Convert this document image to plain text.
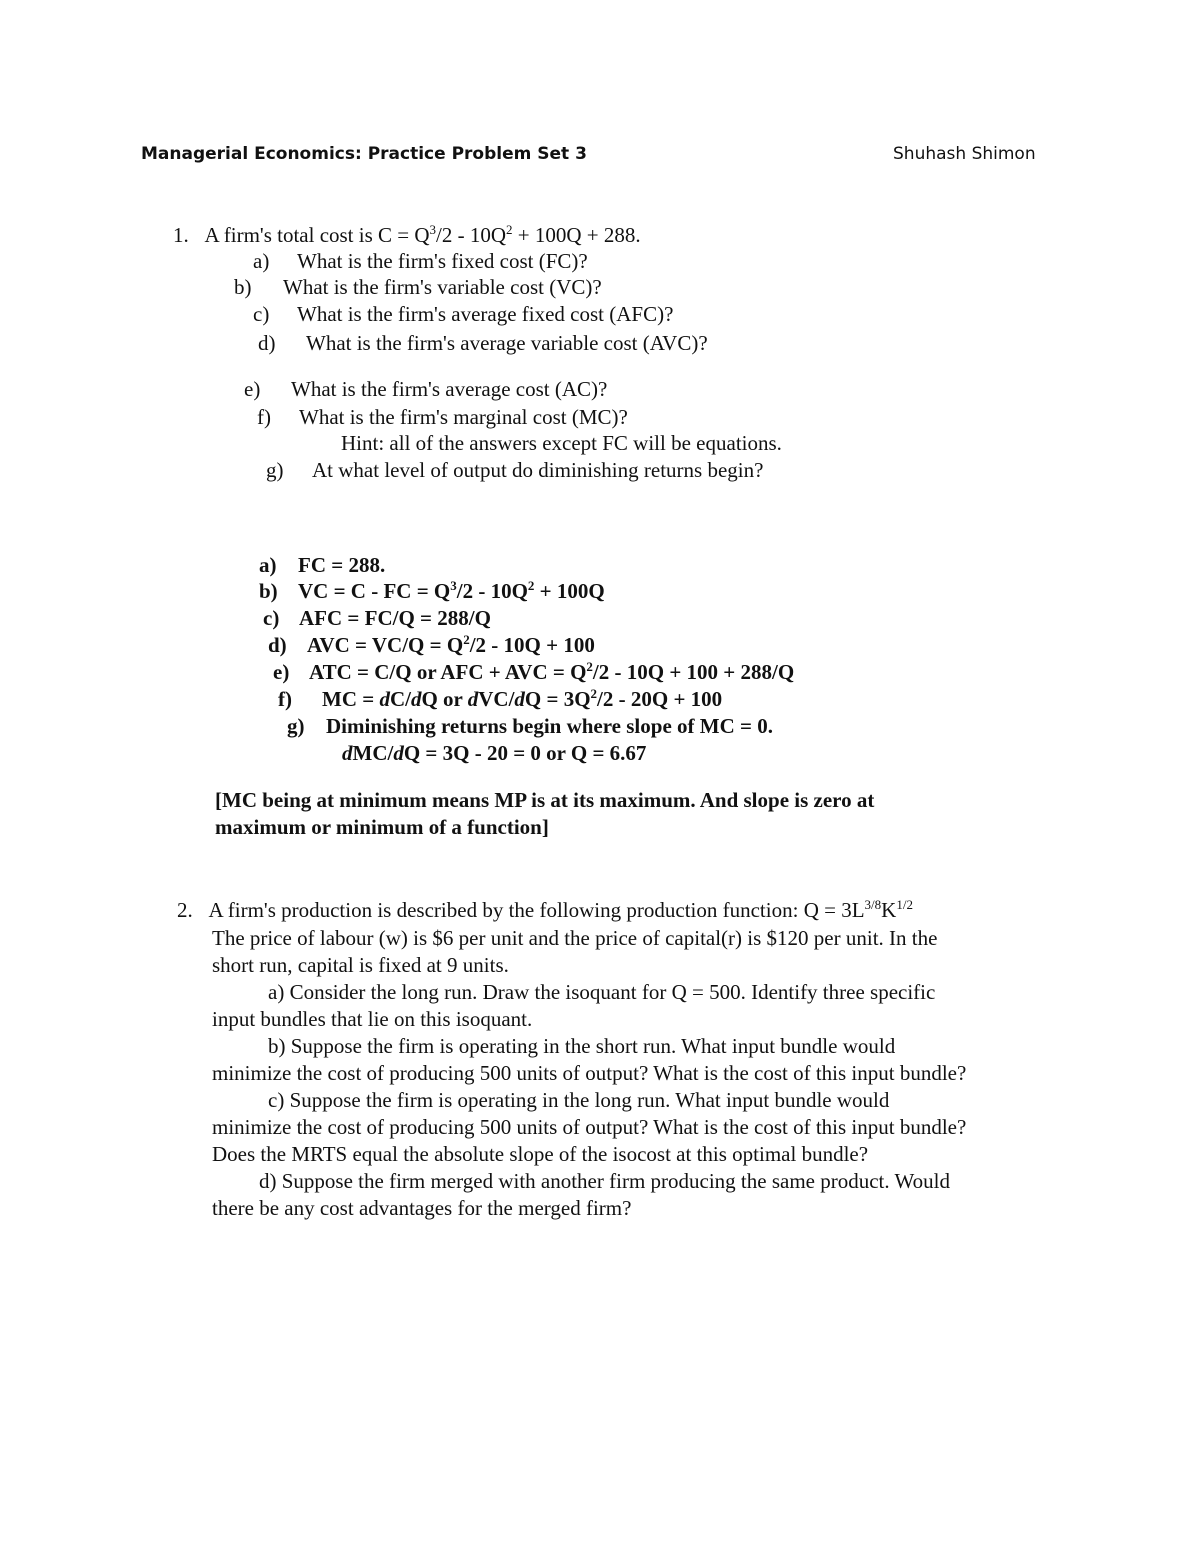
Managerial Economics: Practice Problem Set 3	Shuhash Shimon
1. A firm's total cost is $C = Q^3/2 - 10Q^2 + 100Q + 288$.
a) What is the firm's fixed cost (FC)?
b) What is the firm's variable cost (VC)?
c) What is the firm's average fixed cost (AFC)?
d) What is the firm's average variable cost (AVC)?
e) What is the firm's average cost (AC)?
f) What is the firm's marginal cost (MC)?
Hint: all of the answers except FC will be equations.
g) At what level of output do diminishing returns begin?
a) FC = 288.
b) VC = C - FC = $Q^3/2 - 10Q^2 + 100Q$
c) AFC = FC/Q = 288/Q
d) AVC = $VC/Q = Q^2/2 - 10Q + 100$
e) ATC = C/Q or AFC + AVC = $Q^2/2 - 10Q + 100 + 288/Q$
f) MC = dC/dQ or $dVC/dQ = 3Q^2/2 - 20Q + 100$
g) Diminishing returns begin where slope of MC = 0.
dMC/dQ = 3Q - 20 = 0 or Q = 6.67
[MC being at minimum means MP is at its maximum. And slope is zero at
maximum or minimum of a function]
2. A firm's production is described by the following production function: $Q = 3L^{3/8}K^{1/2}$
The price of labour (w) is $6 per unit and the price of capital(r) is $120 per unit. In the
short run, capital is fixed at 9 units.
a) Consider the long run. Draw the isoquant for Q = 500. Identify three specific
input bundles that lie on this isoquant.
b) Suppose the firm is operating in the short run. What input bundle would
minimize the cost of producing 500 units of output? What is the cost of this input bundle?
c) Suppose the firm is operating in the long run. What input bundle would
minimize the cost of producing 500 units of output? What is the cost of this input bundle?
Does the MRTS equal the absolute slope of the isocost at this optimal bundle?
d) Suppose the firm merged with another firm producing the same product. Would
there be any cost advantages for the merged firm?
